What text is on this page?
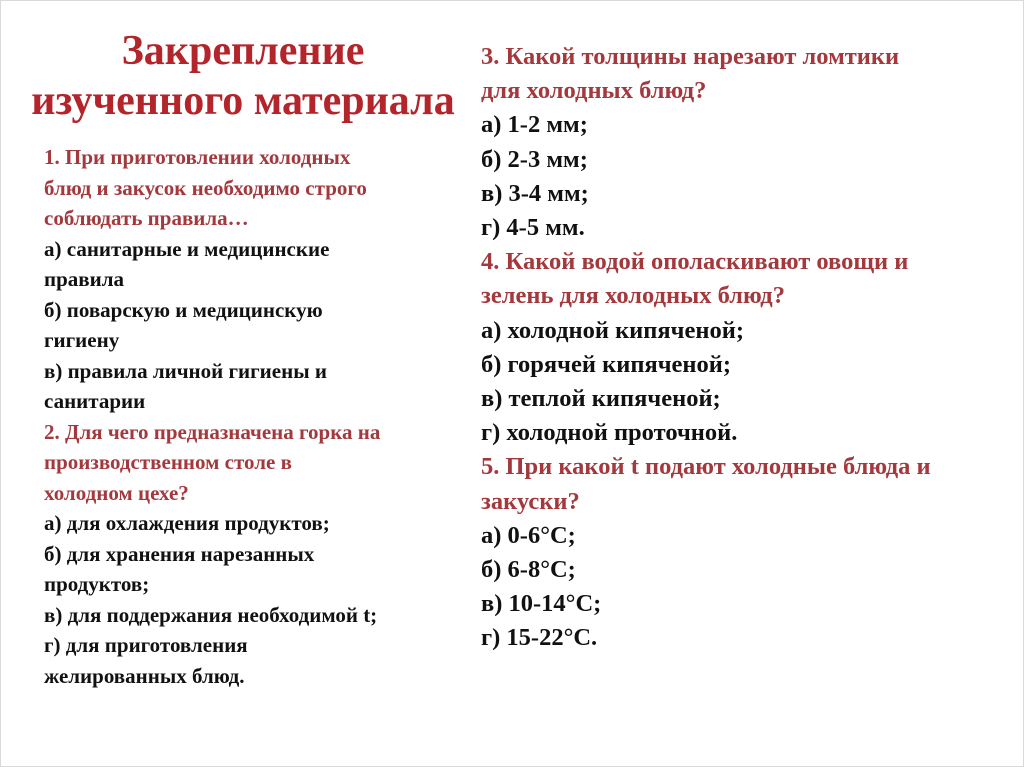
Закрепление
изученного материала
1. При приготовлении холодных
блюд и закусок необходимо строго
соблюдать правила…
а) санитарные и медицинские
правила
б) поварскую и медицинскую
гигиену
в) правила личной гигиены и
санитарии
2. Для чего предназначена горка на
производственном столе в
холодном цехе?
а) для охлаждения продуктов;
б) для хранения нарезанных
продуктов;
в) для поддержания необходимой t;
г) для приготовления
желированных блюд.
3. Какой толщины нарезают ломтики
для холодных блюд?
а) 1-2 мм;
б) 2-3 мм;
в) 3-4 мм;
г) 4-5 мм.
4. Какой водой ополаскивают овощи и
зелень для холодных блюд?
а) холодной кипяченой;
б) горячей кипяченой;
в) теплой кипяченой;
г) холодной проточной.
5. При какой t подают холодные блюда и
закуски?
а) 0-6°С;
б) 6-8°С;
в) 10-14°С;
г) 15-22°С.
